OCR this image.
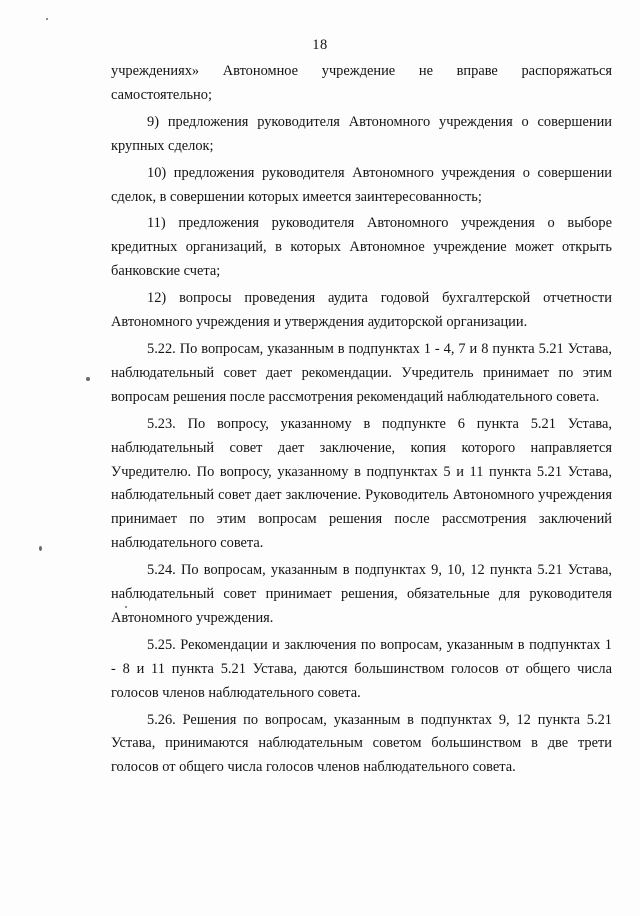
18

учреждениях» Автономное учреждение не вправе распоряжаться самостоятельно;

9) предложения руководителя Автономного учреждения о совершении крупных сделок;

10) предложения руководителя Автономного учреждения о совершении сделок, в совершении которых имеется заинтересованность;

11) предложения руководителя Автономного учреждения о выборе кредитных организаций, в которых Автономное учреждение может открыть банковские счета;

12) вопросы проведения аудита годовой бухгалтерской отчетности Автономного учреждения и утверждения аудиторской организации.

5.22. По вопросам, указанным в подпунктах 1 - 4, 7 и 8 пункта 5.21 Устава, наблюдательный совет дает рекомендации. Учредитель принимает по этим вопросам решения после рассмотрения рекомендаций наблюдательного совета.

5.23. По вопросу, указанному в подпункте 6 пункта 5.21 Устава, наблюдательный совет дает заключение, копия которого направляется Учредителю. По вопросу, указанному в подпунктах 5 и 11 пункта 5.21 Устава, наблюдательный совет дает заключение. Руководитель Автономного учреждения принимает по этим вопросам решения после рассмотрения заключений наблюдательного совета.

5.24. По вопросам, указанным в подпунктах 9, 10, 12 пункта 5.21 Устава, наблюдательный совет принимает решения, обязательные для руководителя Автономного учреждения.

5.25. Рекомендации и заключения по вопросам, указанным в подпунктах 1 - 8 и 11 пункта 5.21 Устава, даются большинством голосов от общего числа голосов членов наблюдательного совета.

5.26. Решения по вопросам, указанным в подпунктах 9, 12 пункта 5.21 Устава, принимаются наблюдательным советом большинством в две трети голосов от общего числа голосов членов наблюдательного совета.
